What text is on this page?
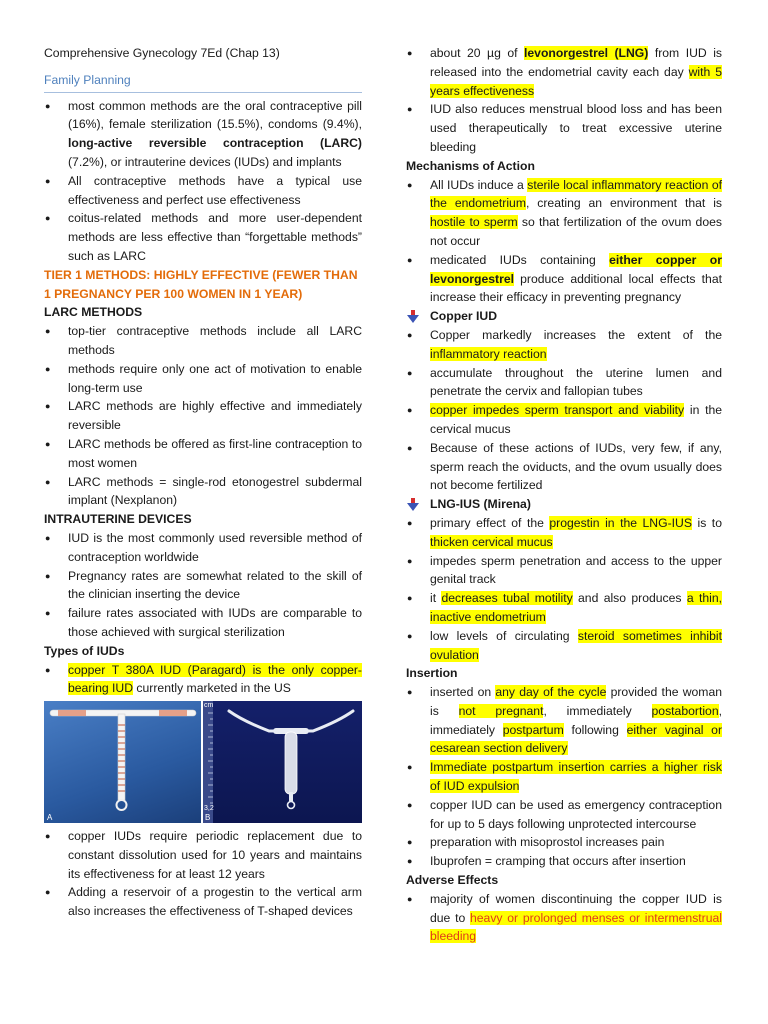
Comprehensive Gynecology 7Ed (Chap 13)
Family Planning
● most common methods are the oral contraceptive pill (16%), female sterilization (15.5%), condoms (9.4%), long-active reversible contraception (LARC) (7.2%), or intrauterine devices (IUDs) and implants
● All contraceptive methods have a typical use effectiveness and perfect use effectiveness
● coitus-related methods and more user-dependent methods are less effective than “forgettable methods” such as LARC
TIER 1 METHODS: HIGHLY EFFECTIVE (FEWER THAN 1 PREGNANCY PER 100 WOMEN IN 1 YEAR)
LARC METHODS
● top-tier contraceptive methods include all LARC methods
● methods require only one act of motivation to enable long-term use
● LARC methods are highly effective and immediately reversible
● LARC methods be offered as first-line contraception to most women
● LARC methods = single-rod etonogestrel subdermal implant (Nexplanon)
INTRAUTERINE DEVICES
● IUD is the most commonly used reversible method of contraception worldwide
● Pregnancy rates are somewhat related to the skill of the clinician inserting the device
● failure rates associated with IUDs are comparable to those achieved with surgical sterilization
Types of IUDs
● copper T 380A IUD (Paragard) is the only copper-bearing IUD currently marketed in the US
A
cm
3,2
B
● copper IUDs require periodic replacement due to constant dissolution used for 10 years and maintains its effectiveness for at least 12 years
● Adding a reservoir of a progestin to the vertical arm also increases the effectiveness of T-shaped devices
● about 20 µg of levonorgestrel (LNG) from IUD is released into the endometrial cavity each day with 5 years effectiveness
● IUD also reduces menstrual blood loss and has been used therapeutically to treat excessive uterine bleeding
Mechanisms of Action
● All IUDs induce a sterile local inflammatory reaction of the endometrium, creating an environment that is hostile to sperm so that fertilization of the ovum does not occur
● medicated IUDs containing either copper or levonorgestrel produce additional local effects that increase their efficacy in preventing pregnancy
Copper IUD
● Copper markedly increases the extent of the inflammatory reaction
● accumulate throughout the uterine lumen and penetrate the cervix and fallopian tubes
● copper impedes sperm transport and viability in the cervical mucus
● Because of these actions of IUDs, very few, if any, sperm reach the oviducts, and the ovum usually does not become fertilized
LNG-IUS (Mirena)
● primary effect of the progestin in the LNG-IUS is to thicken cervical mucus
● impedes sperm penetration and access to the upper genital track
● it decreases tubal motility and also produces a thin, inactive endometrium
● low levels of circulating steroid sometimes inhibit ovulation
Insertion
● inserted on any day of the cycle provided the woman is not pregnant, immediately postabortion, immediately postpartum following either vaginal or cesarean section delivery
● Immediate postpartum insertion carries a higher risk of IUD expulsion
● copper IUD can be used as emergency contraception for up to 5 days following unprotected intercourse
● preparation with misoprostol increases pain
● Ibuprofen = cramping that occurs after insertion
Adverse Effects
● majority of women discontinuing the copper IUD is due to heavy or prolonged menses or intermenstrual bleeding
